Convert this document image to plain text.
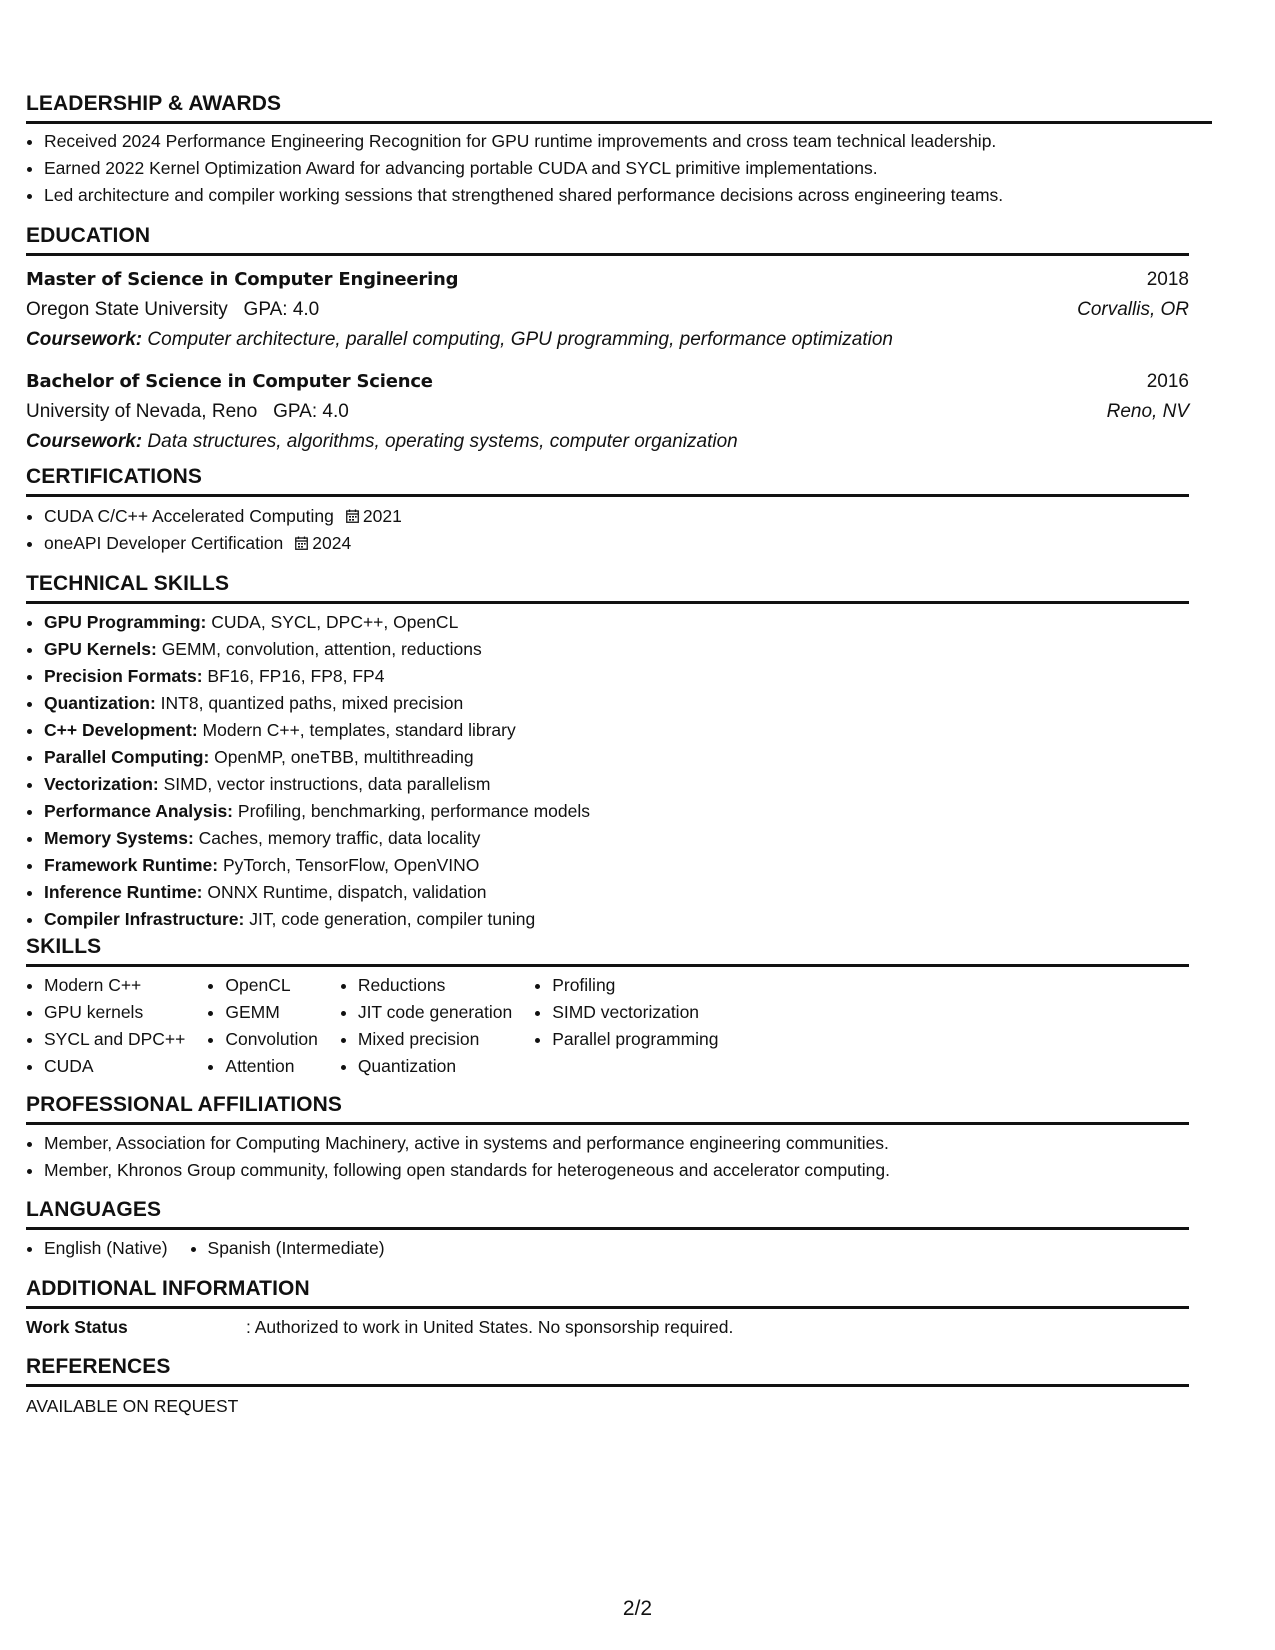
LEADERSHIP & AWARDS
• Received 2024 Performance Engineering Recognition for GPU runtime improvements and cross team technical leadership.
• Earned 2022 Kernel Optimization Award for advancing portable CUDA and SYCL primitive implementations.
• Led architecture and compiler working sessions that strengthened shared performance decisions across engineering teams.
EDUCATION
Master of Science in Computer Engineering	2018
Oregon State University GPA: 4.0	Corvallis, OR
Coursework: Computer architecture, parallel computing, GPU programming, performance optimization
Bachelor of Science in Computer Science	2016
University of Nevada, Reno GPA: 4.0	Reno, NV
Coursework: Data structures, algorithms, operating systems, computer organization
CERTIFICATIONS
• CUDA C/C++ Accelerated Computing 2021
• oneAPI Developer Certification 2024
TECHNICAL SKILLS
• GPU Programming: CUDA, SYCL, DPC++, OpenCL
• GPU Kernels: GEMM, convolution, attention, reductions
• Precision Formats: BF16, FP16, FP8, FP4
• Quantization: INT8, quantized paths, mixed precision
• C++ Development: Modern C++, templates, standard library
• Parallel Computing: OpenMP, oneTBB, multithreading
• Vectorization: SIMD, vector instructions, data parallelism
• Performance Analysis: Profiling, benchmarking, performance models
• Memory Systems: Caches, memory traffic, data locality
• Framework Runtime: PyTorch, TensorFlow, OpenVINO
• Inference Runtime: ONNX Runtime, dispatch, validation
• Compiler Infrastructure: JIT, code generation, compiler tuning
SKILLS
• Modern C++
• GPU kernels
• SYCL and DPC++
• CUDA
• OpenCL
• GEMM
• Convolution
• Attention
• Reductions
• JIT code generation
• Mixed precision
• Quantization
• Profiling
• SIMD vectorization
• Parallel programming
PROFESSIONAL AFFILIATIONS
• Member, Association for Computing Machinery, active in systems and performance engineering communities.
• Member, Khronos Group community, following open standards for heterogeneous and accelerator computing.
LANGUAGES
• English (Native)
• Spanish (Intermediate)
ADDITIONAL INFORMATION
Work Status	: Authorized to work in United States. No sponsorship required.
REFERENCES
AVAILABLE ON REQUEST
2/2
